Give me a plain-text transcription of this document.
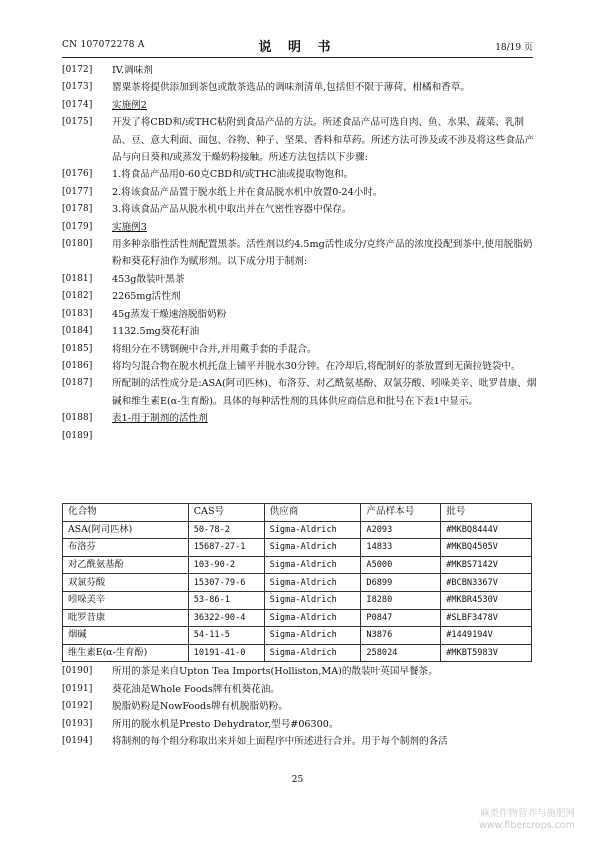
CN 107072278 A	说 明 书	18/19 页
[0172] IV.调味剂
[0173] 罂粟茶将提供添加到茶包或散茶选品的调味剂清单,包括但不限于薄荷、柑橘和香草。
[0174] 实施例2
[0175] 开发了将CBD和/或THC粘附到食品产品的方法。所述食品产品可选自肉、鱼、水果、蔬菜、乳制品、豆、意大利面、面包、谷物、种子、坚果、香料和草药。所述方法可涉及或不涉及将这些食品产品与向日葵和/或蒸发干燥奶粉接触。所述方法包括以下步骤:
[0176] 1.将食品产品用0-60克CBD和/或THC油或提取物饱和。
[0177] 2.将该食品产品置于脱水纸上并在食品脱水机中放置0-24小时。
[0178] 3.将该食品产品从脱水机中取出并在气密性容器中保存。
[0179] 实施例3
[0180] 用多种亲脂性活性剂配置黑茶。活性剂以约4.5mg活性成分/克终产品的浓度投配到茶中,使用脱脂奶粉和葵花籽油作为赋形剂。以下成分用于制剂:
[0181] 453g散装叶黑茶
[0182] 2265mg活性剂
[0183] 45g蒸发干燥速溶脱脂奶粉
[0184] 1132.5mg葵花籽油
[0185] 将组分在不锈钢碗中合并,并用戴手套的手混合。
[0186] 将均匀混合物在脱水机托盘上铺平并脱水30分钟。在冷却后,将配制好的茶放置到无菌拉链袋中。
[0187] 所配制的活性成分是:ASA(阿司匹林)、布洛芬、对乙酰氨基酚、双氯芬酸、吲哚美辛、吡罗昔康、烟碱和维生素E(α-生育酚)。具体的每种活性剂的具体供应商信息和批号在下表1中显示。
[0188] 表1-用于制剂的活性剂
[0189]
化合物	CAS号	供应商	产品样本号	批号
ASA(阿司匹林)	50-78-2	Sigma-Aldrich	A2093	#MKBQ8444V
布洛芬	15687-27-1	Sigma-Aldrich	14833	#MKBQ4505V
对乙酰氨基酚	103-90-2	Sigma-Aldrich	A5000	#MKBS7142V
双氯芬酸	15307-79-6	Sigma-Aldrich	D6899	#BCBN3367V
吲哚美辛	53-86-1	Sigma-Aldrich	I8280	#MKBR4530V
吡罗昔康	36322-90-4	Sigma-Aldrich	P0847	#SLBF3478V
烟碱	54-11-5	Sigma-Aldrich	N3876	#1449194V
维生素E(α-生育酚)	10191-41-0	Sigma-Aldrich	258024	#MKBT5983V
[0190] 所用的茶是来自Upton Tea Imports(Holliston,MA)的散装叶英国早餐茶。
[0191] 葵花油是Whole Foods牌有机葵花油。
[0192] 脱脂奶粉是NowFoods牌有机脱脂奶粉。
[0193] 所用的脱水机是Presto Dehydrator,型号#06300。
[0194] 将制剂的每个组分称取出来并如上面程序中所述进行合并。用于每个制剂的各活
25
麻类作物营养与施肥网
www.fibercrops.com
